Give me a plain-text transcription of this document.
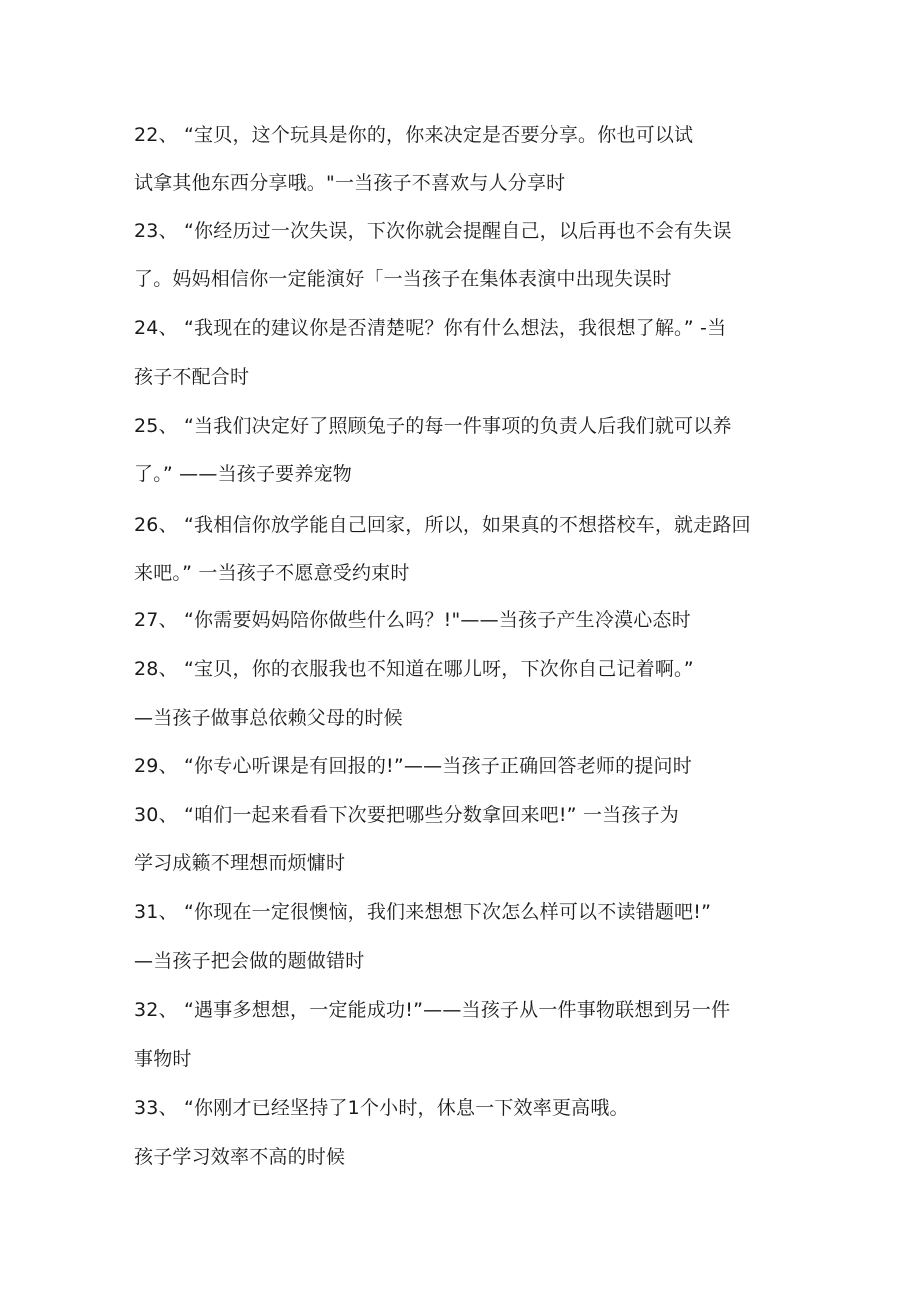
22、 “宝贝，这个玩具是你的，你来决定是否要分享。你也可以试
试拿其他东西分享哦。"一当孩子不喜欢与人分享时
23、 “你经历过一次失误，下次你就会提醒自己，以后再也不会有失误
了。妈妈相信你一定能演好「一当孩子在集体表演中出现失误时
24、 “我现在的建议你是否清楚呢？你有什么想法，我很想了解。” -当
孩子不配合时
25、 “当我们决定好了照顾兔子的每一件事项的负责人后我们就可以养
了。” ——当孩子要养宠物
26、 “我相信你放学能自己回家，所以，如果真的不想搭校车，就走路回
来吧。” 一当孩子不愿意受约束时
27、 “你需要妈妈陪你做些什么吗？!"——当孩子产生冷漠心态时
28、 “宝贝，你的衣服我也不知道在哪儿呀，下次你自己记着啊。”
—当孩子做事总依赖父母的时候
29、 “你专心听课是有回报的!”——当孩子正确回答老师的提问时
30、 “咱们一起来看看下次要把哪些分数拿回来吧!” 一当孩子为
学习成籁不理想而烦慵时
31、 “你现在一定很懊恼，我们来想想下次怎么样可以不读错题吧!”
—当孩子把会做的题做错时
32、 “遇事多想想，一定能成功!”——当孩子从一件事物联想到另一件
事物时
33、 “你刚才已经坚持了1个小时，休息一下效率更高哦。
孩子学习效率不高的时候
